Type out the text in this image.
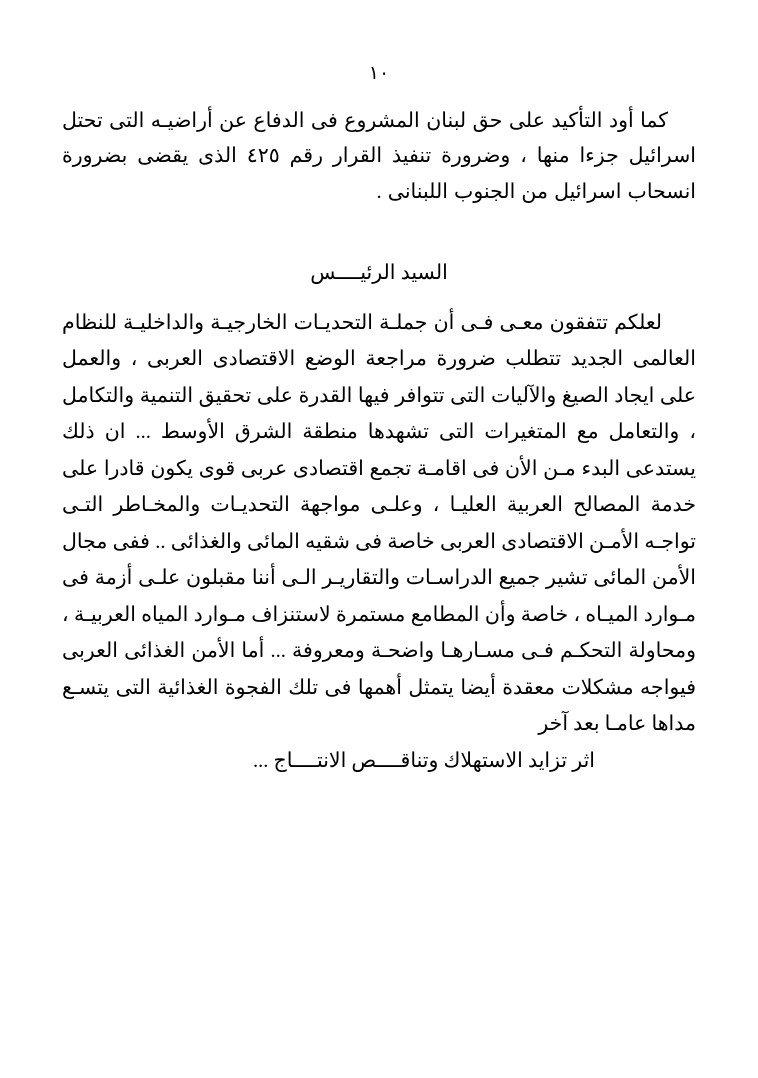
١٠

كما أود التأكيد على حق لبنان المشروع فى الدفاع عن أراضيـه التى تحتل اسرائيل جزءا منها ، وضرورة تنفيذ القرار رقم ٤٢٥ الذى يقضى بضرورة انسحاب اسرائيل من الجنوب اللبنانى .

السيد الرئيــــس

لعلكم تتفقون معـى فـى أن جملـة التحديـات الخارجيـة والداخليـة للنظام العالمى الجديد تتطلب ضرورة مراجعة الوضع الاقتصادى العربى ، والعمل على ايجاد الصيغ والآليات التى تتوافر فيها القدرة على تحقيق التنمية والتكامل ، والتعامل مع المتغيرات التى تشهدها منطقة الشرق الأوسط ... ان ذلك يستدعى البدء مـن الأن فى اقامـة تجمع اقتصادى عربى قوى يكون قادرا على خدمة المصالح العربية العليـا ، وعلـى مواجهة التحديـات والمخـاطر التـى تواجـه الأمـن الاقتصادى العربى خاصة فى شقيه المائى والغذائى .. ففى مجال الأمن المائى تشير جميع الدراسـات والتقاريـر الـى أننا مقبلون علـى أزمة فى مـوارد الميـاه ، خاصة وأن المطامع مستمرة لاستنزاف مـوارد المياه العربيـة ، ومحاولة التحكـم فـى مسـارهـا واضحـة ومعروفة ... أما الأمن الغذائى العربى فيواجه مشكلات معقدة أيضا يتمثل أهمها فى تلك الفجوة الغذائية التى يتسـع مداها عامـا بعد آخر

اثر تزايد الاستهلاك وتناقــــص الانتــــاج ...
